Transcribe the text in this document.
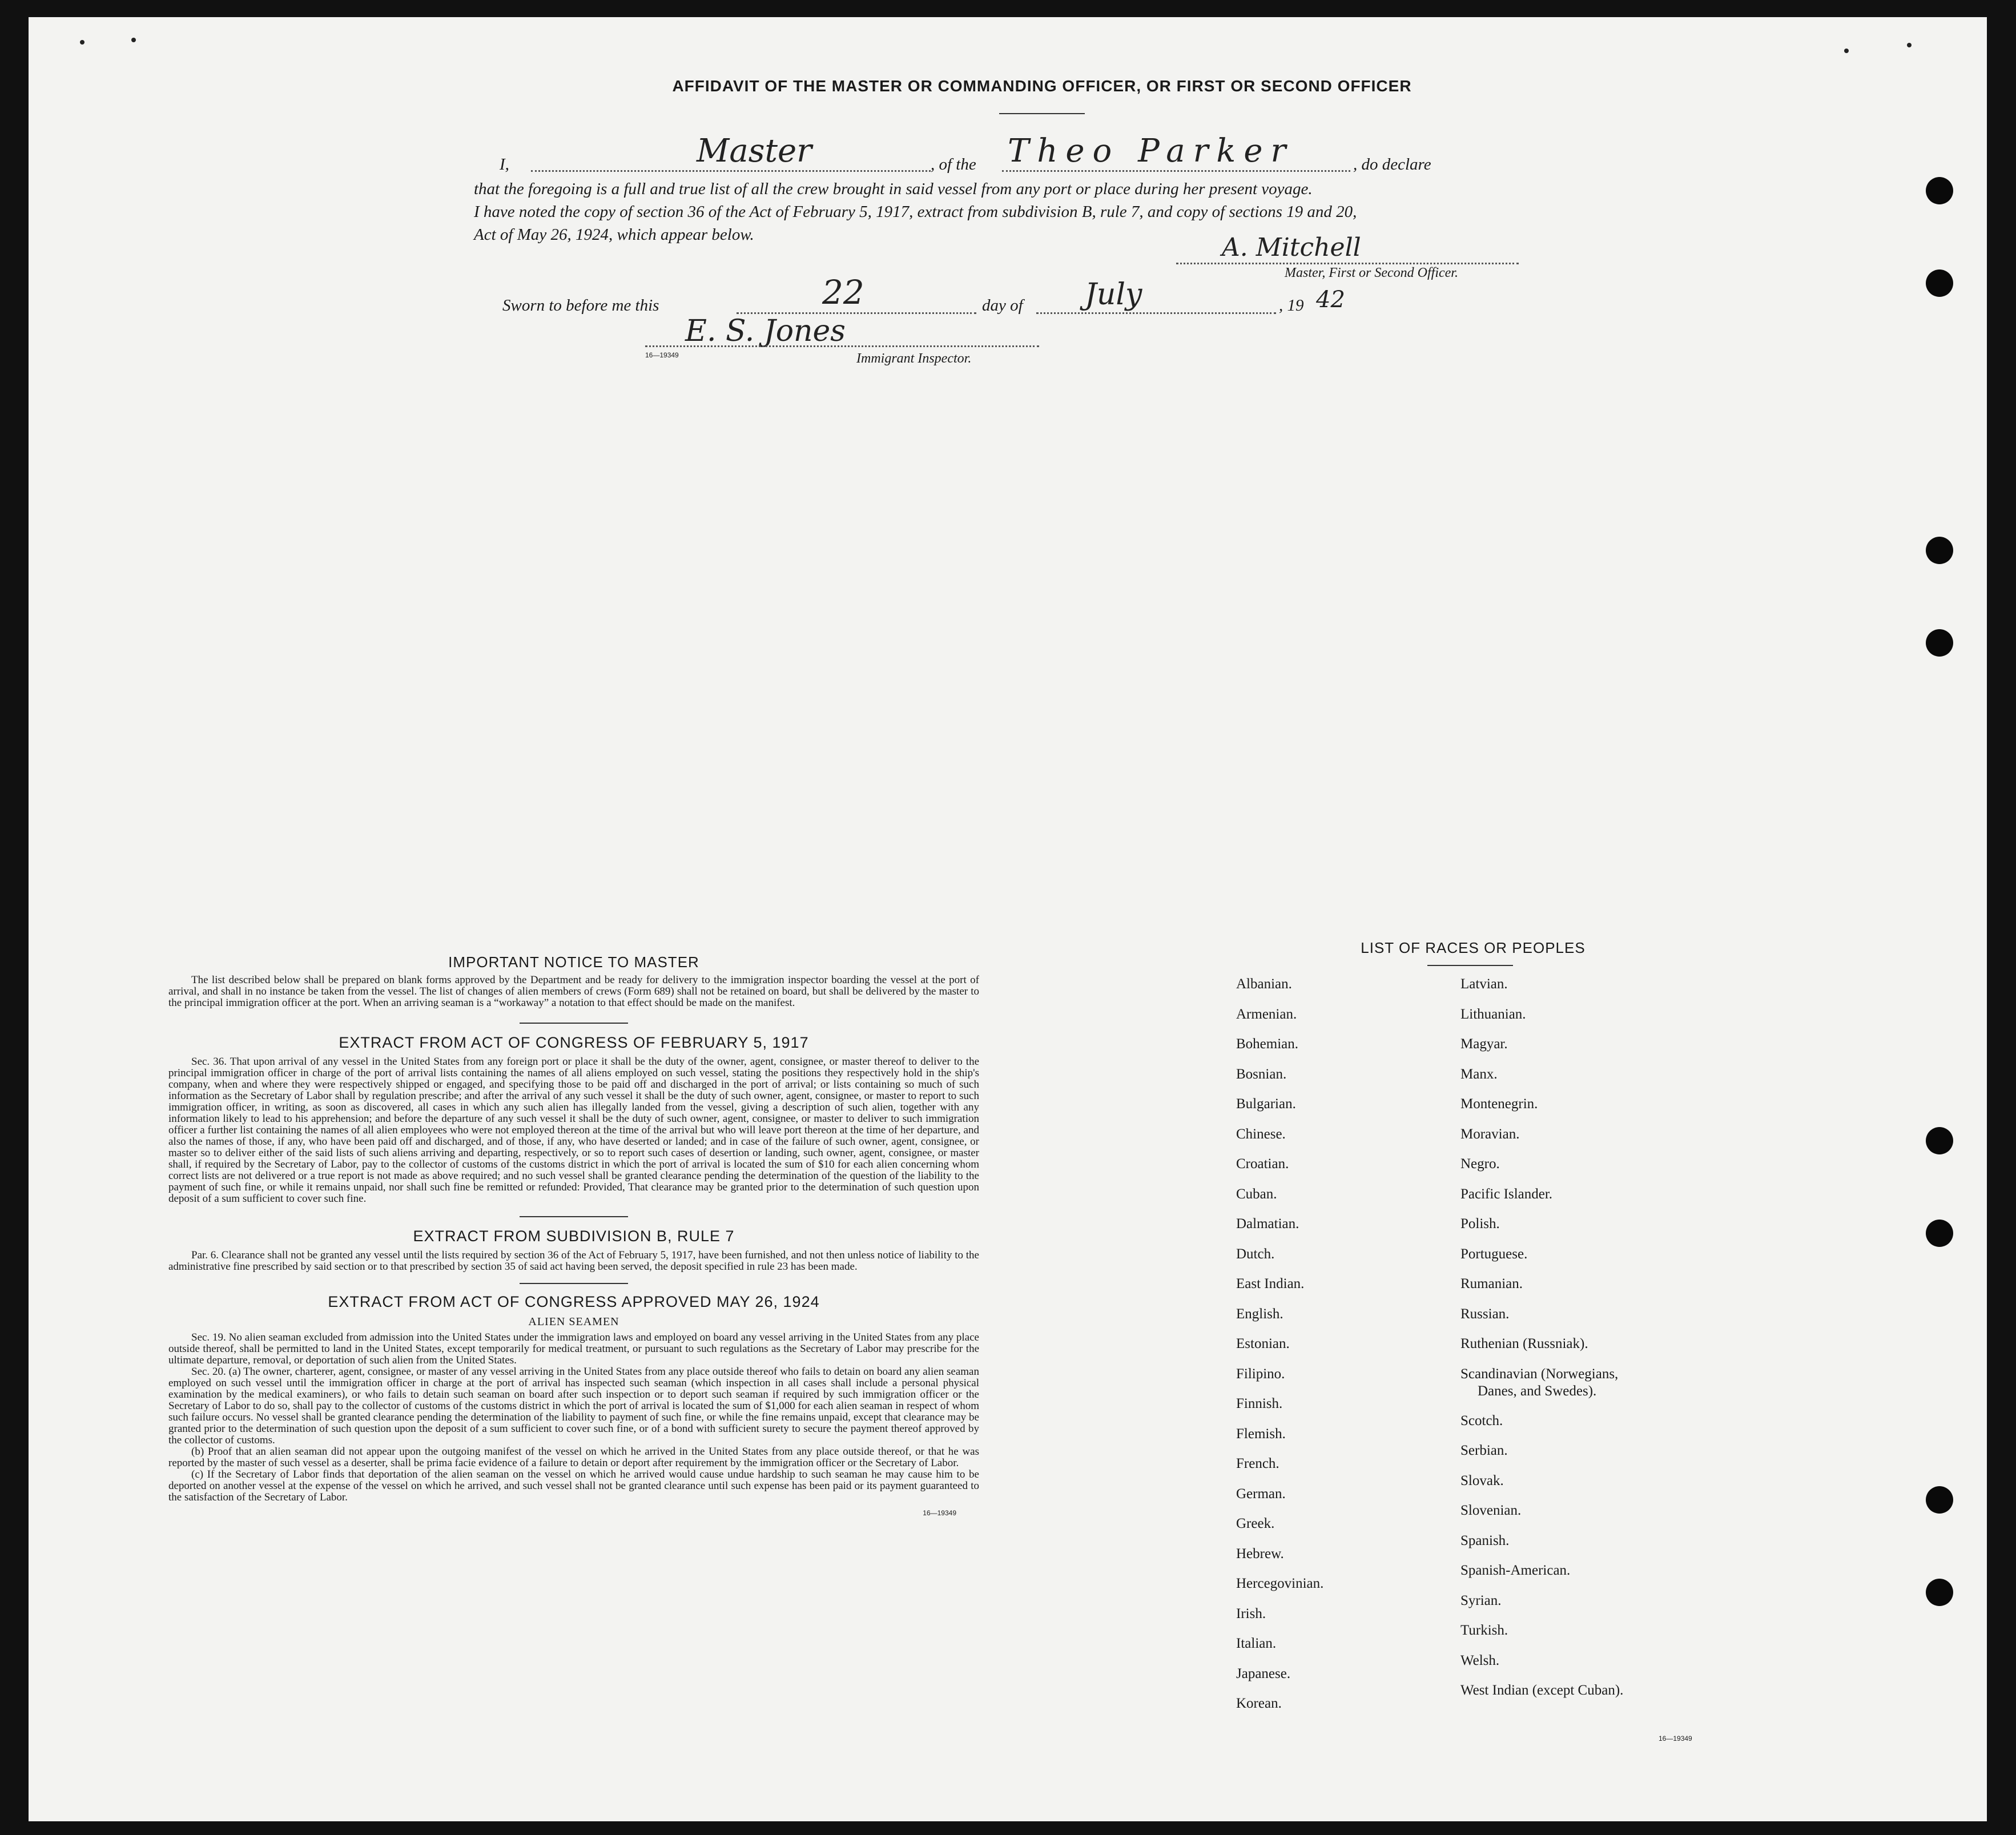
AFFIDAVIT OF THE MASTER OR COMMANDING OFFICER, OR FIRST OR SECOND OFFICER
I,	Master	, of the Theo Parker	, do declare
that the foregoing is a full and true list of all the crew brought in said vessel from any port or place during her present voyage.
I have noted the copy of section 36 of the Act of February 5, 1917, extract from subdivision B, rule 7, and copy of sections 19 and 20,
Act of May 26, 1924, which appear below.	A. Mitchell
Master, First or Second Officer.
Sworn to before me this	22	day of July	, 19 42
E. S. Jones
16—19349	Immigrant Inspector.
IMPORTANT NOTICE TO MASTER

The list described below shall be prepared on blank forms approved by the Department and be ready for delivery to the immigration inspector boarding the vessel at the port of arrival, and shall in no instance be taken from the vessel. The list of changes of alien members of crews (Form 689) shall not be retained on board, but shall be delivered by the master to the principal immigration officer at the port. When an arriving seaman is a “workaway” a notation to that effect should be made on the manifest.

EXTRACT FROM ACT OF CONGRESS OF FEBRUARY 5, 1917

Sec. 36. That upon arrival of any vessel in the United States from any foreign port or place it shall be the duty of the owner, agent, consignee, or master thereof to deliver to the principal immigration officer in charge of the port of arrival lists containing the names of all aliens employed on such vessel, stating the positions they respectively hold in the ship's company, when and where they were respectively shipped or engaged, and specifying those to be paid off and discharged in the port of arrival; or lists containing so much of such information as the Secretary of Labor shall by regulation prescribe; and after the arrival of any such vessel it shall be the duty of such owner, agent, consignee, or master to report to such immigration officer, in writing, as soon as discovered, all cases in which any such alien has illegally landed from the vessel, giving a description of such alien, together with any information likely to lead to his apprehension; and before the departure of any such vessel it shall be the duty of such owner, agent, consignee, or master to deliver to such immigration officer a further list containing the names of all alien employees who were not employed thereon at the time of the arrival but who will leave port thereon at the time of her departure, and also the names of those, if any, who have been paid off and discharged, and of those, if any, who have deserted or landed; and in case of the failure of such owner, agent, consignee, or master so to deliver either of the said lists of such aliens arriving and departing, respectively, or so to report such cases of desertion or landing, such owner, agent, consignee, or master shall, if required by the Secretary of Labor, pay to the collector of customs of the customs district in which the port of arrival is located the sum of $10 for each alien concerning whom correct lists are not delivered or a true report is not made as above required; and no such vessel shall be granted clearance pending the determination of the question of the liability to the payment of such fine, or while it remains unpaid, nor shall such fine be remitted or refunded: Provided, That clearance may be granted prior to the determination of such question upon deposit of a sum sufficient to cover such fine.

EXTRACT FROM SUBDIVISION B, RULE 7

Par. 6. Clearance shall not be granted any vessel until the lists required by section 36 of the Act of February 5, 1917, have been furnished, and not then unless notice of liability to the administrative fine prescribed by said section or to that prescribed by section 35 of said act having been served, the deposit specified in rule 23 has been made.

EXTRACT FROM ACT OF CONGRESS APPROVED MAY 26, 1924
ALIEN SEAMEN

Sec. 19. No alien seaman excluded from admission into the United States under the immigration laws and employed on board any vessel arriving in the United States from any place outside thereof, shall be permitted to land in the United States, except temporarily for medical treatment, or pursuant to such regulations as the Secretary of Labor may prescribe for the ultimate departure, removal, or deportation of such alien from the United States.

Sec. 20. (a) The owner, charterer, agent, consignee, or master of any vessel arriving in the United States from any place outside thereof who fails to detain on board any alien seaman employed on such vessel until the immigration officer in charge at the port of arrival has inspected such seaman (which inspection in all cases shall include a personal physical examination by the medical examiners), or who fails to detain such seaman on board after such inspection or to deport such seaman if required by such immigration officer or the Secretary of Labor to do so, shall pay to the collector of customs of the customs district in which the port of arrival is located the sum of $1,000 for each alien seaman in respect of whom such failure occurs. No vessel shall be granted clearance pending the determination of the liability to payment of such fine, or while the fine remains unpaid, except that clearance may be granted prior to the determination of such question upon the deposit of a sum sufficient to cover such fine, or of a bond with sufficient surety to secure the payment thereof approved by the collector of customs.

(b) Proof that an alien seaman did not appear upon the outgoing manifest of the vessel on which he arrived in the United States from any place outside thereof, or that he was reported by the master of such vessel as a deserter, shall be prima facie evidence of a failure to detain or deport after requirement by the immigration officer or the Secretary of Labor.

(c) If the Secretary of Labor finds that deportation of the alien seaman on the vessel on which he arrived would cause undue hardship to such seaman he may cause him to be deported on another vessel at the expense of the vessel on which he arrived, and such vessel shall not be granted clearance until such expense has been paid or its payment guaranteed to the satisfaction of the Secretary of Labor.

16—19349
LIST OF RACES OR PEOPLES
16—19349
Albanian.
Armenian.
Bohemian.
Bosnian.
Bulgarian.
Chinese.
Croatian.
Cuban.
Dalmatian.
Dutch.
East Indian.
English.
Estonian.
Filipino.
Finnish.
Flemish.
French.
German.
Greek.
Hebrew.
Hercegovinian.
Irish.
Italian.
Japanese.
Korean.
Latvian.
Lithuanian.
Magyar.
Manx.
Montenegrin.
Moravian.
Negro.
Pacific Islander.
Polish.
Portuguese.
Rumanian.
Russian.
Ruthenian (Russniak).
Scandinavian (Norwegians,
Danes, and Swedes).
Scotch.
Serbian.
Slovak.
Slovenian.
Spanish.
Spanish-American.
Syrian.
Turkish.
Welsh.
West Indian (except Cuban).
